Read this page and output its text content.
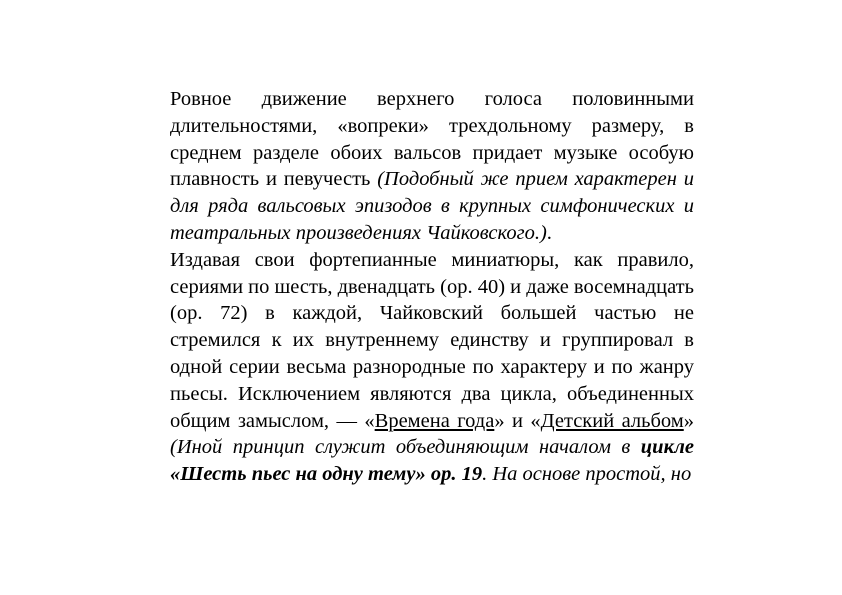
Ровное движение верхнего голоса половинными длительностями, «вопреки» трехдольному размеру, в среднем разделе обоих вальсов придает музыке особую плавность и певучесть (Подобный же прием характерен и для ряда вальсовых эпизодов в крупных симфонических и театральных произведениях Чайковского.).

Издавая свои фортепианные миниатюры, как правило, сериями по шесть, двенадцать (ор. 40) и даже восемнадцать (ор. 72) в каждой, Чайковский большей частью не стремился к их внутреннему единству и группировал в одной серии весьма разнородные по характеру и по жанру пьесы. Исключением являются два цикла, объединенных общим замыслом, — «Времена года» и «Детский альбом» (Иной принцип служит объединяющим началом в цикле «Шесть пьес на одну тему» ор. 19. На основе простой, но
